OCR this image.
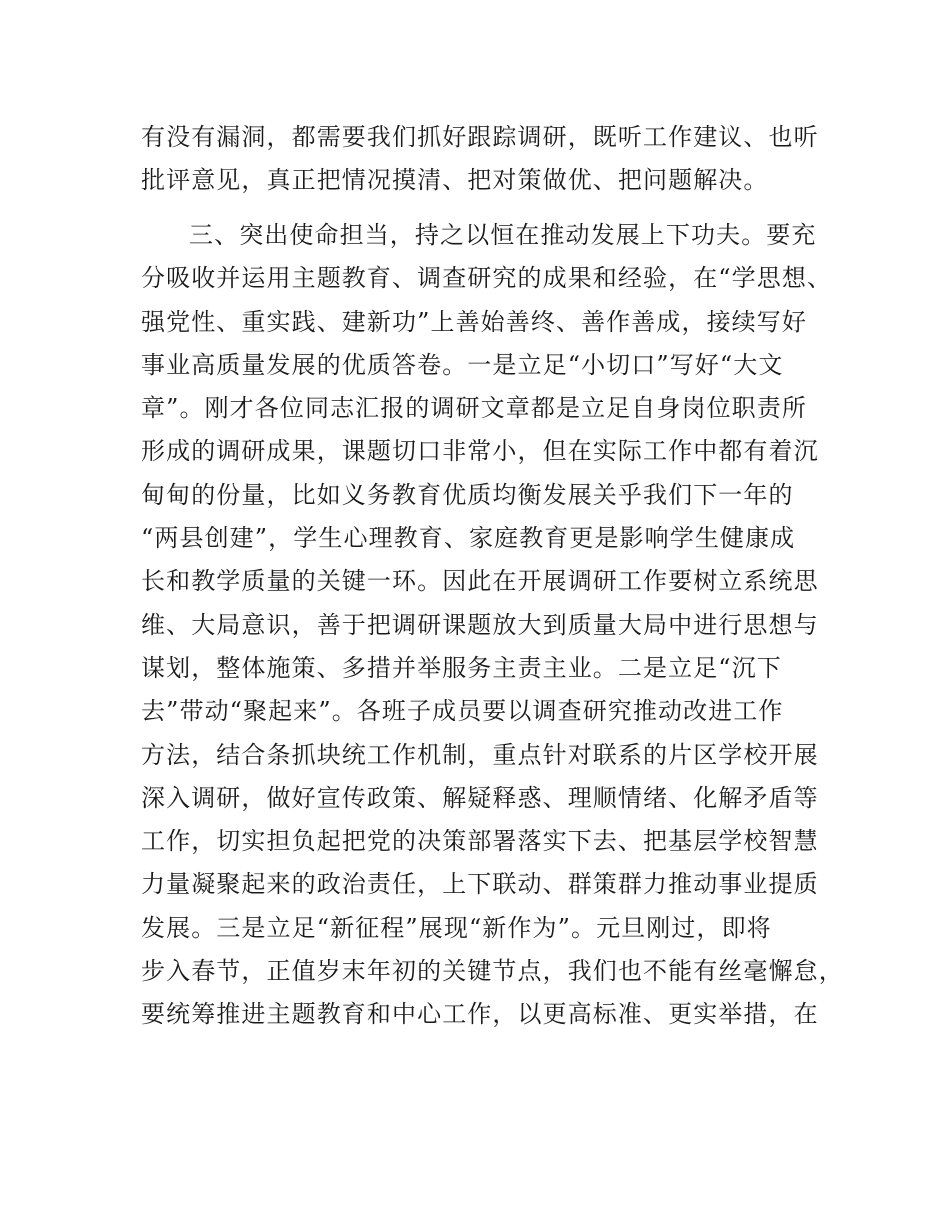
有没有漏洞，都需要我们抓好跟踪调研，既听工作建议、也听
批评意见，真正把情况摸清、把对策做优、把问题解决。
三、突出使命担当，持之以恒在推动发展上下功夫。要充
分吸收并运用主题教育、调查研究的成果和经验，在“学思想、
强党性、重实践、建新功”上善始善终、善作善成，接续写好
事业高质量发展的优质答卷。一是立足“小切口”写好“大文
章”。刚才各位同志汇报的调研文章都是立足自身岗位职责所
形成的调研成果，课题切口非常小，但在实际工作中都有着沉
甸甸的份量，比如义务教育优质均衡发展关乎我们下一年的
“两县创建”，学生心理教育、家庭教育更是影响学生健康成
长和教学质量的关键一环。因此在开展调研工作要树立系统思
维、大局意识，善于把调研课题放大到质量大局中进行思想与
谋划，整体施策、多措并举服务主责主业。二是立足“沉下
去”带动“聚起来”。各班子成员要以调查研究推动改进工作
方法，结合条抓块统工作机制，重点针对联系的片区学校开展
深入调研，做好宣传政策、解疑释惑、理顺情绪、化解矛盾等
工作，切实担负起把党的决策部署落实下去、把基层学校智慧
力量凝聚起来的政治责任，上下联动、群策群力推动事业提质
发展。三是立足“新征程”展现“新作为”。元旦刚过，即将
步入春节，正值岁末年初的关键节点，我们也不能有丝毫懈怠，
要统筹推进主题教育和中心工作，以更高标准、更实举措，在
